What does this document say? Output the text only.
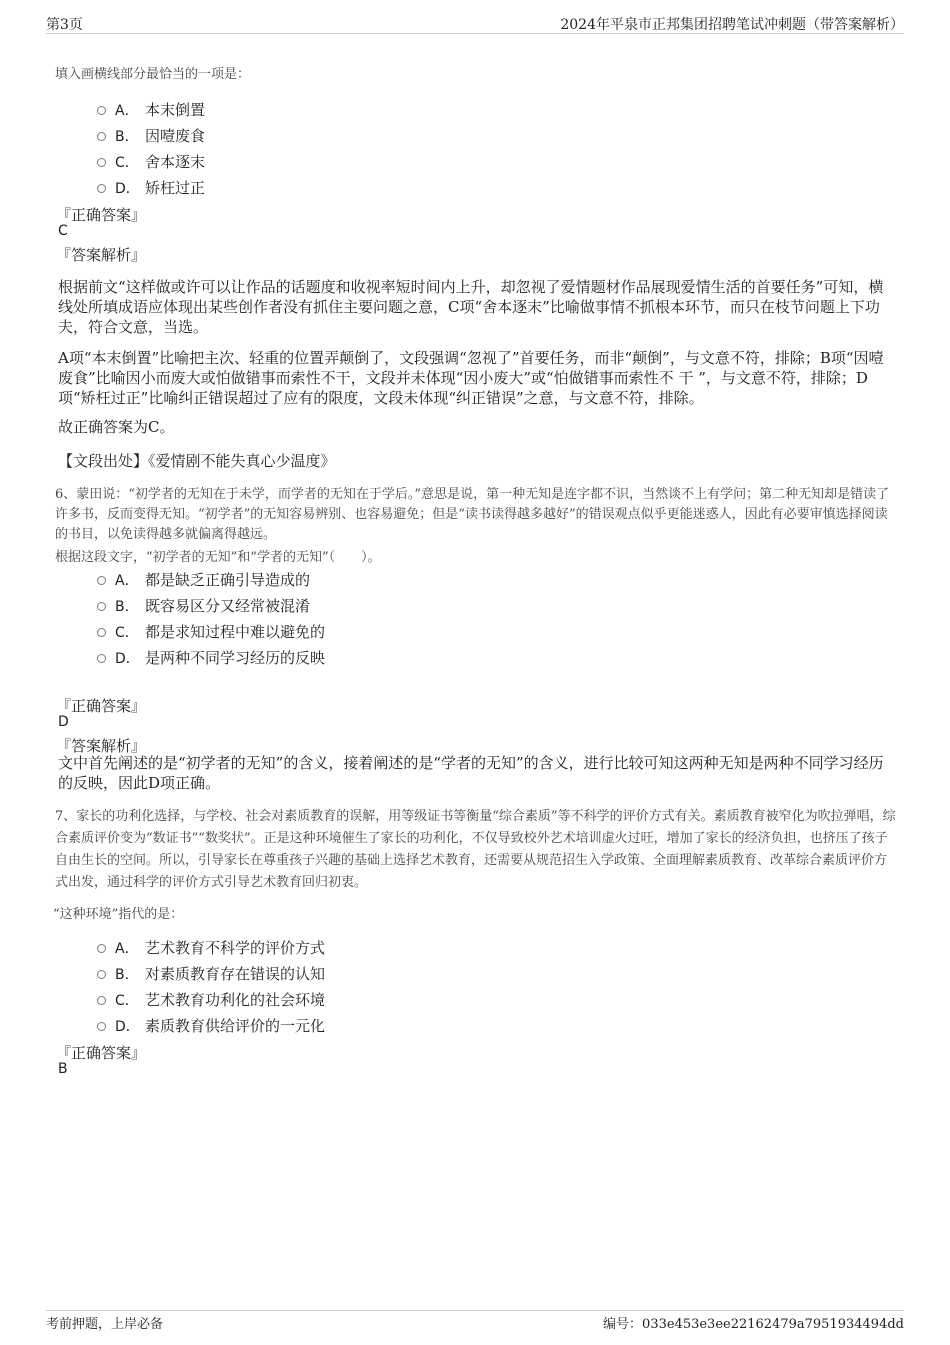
第3页	2024年平泉市正邦集团招聘笔试冲刺题（带答案解析）
填入画横线部分最恰当的一项是：
A． 本末倒置
B． 因噎废食
C． 舍本逐末
D． 矫枉过正
『正确答案』
C
『答案解析』
根据前文“这样做或许可以让作品的话题度和收视率短时间内上升，却忽视了爱情题材作品展现爱情生活的首要任务”可知，横线处所填成语应体现出某些创作者没有抓住主要问题之意，C项“舍本逐末”比喻做事情不抓根本环节，而只在枝节问题上下功夫，符合文意，当选。
A项“本末倒置”比喻把主次、轻重的位置弄颠倒了，文段强调“忽视了”首要任务，而非“颠倒”，与文意不符，排除；B项“因噎废食”比喻因小而废大或怕做错事而索性不干，文段并未体现“因小废大”或“怕做错事而索性不 干 ”，与文意不符，排除；D项“矫枉过正”比喻纠正错误超过了应有的限度，文段未体现“纠正错误”之意，与文意不符，排除。
故正确答案为C。
【文段出处】《爱情剧不能失真心少温度》
6、蒙田说：“初学者的无知在于未学，而学者的无知在于学后。”意思是说，第一种无知是连字都不识，当然谈不上有学问；第二种无知却是错读了许多书，反而变得无知。“初学者”的无知容易辨别、也容易避免；但是“读书读得越多越好”的错误观点似乎更能迷惑人，因此有必要审慎选择阅读的书目，以免读得越多就偏离得越远。
根据这段文字，“初学者的无知”和“学者的无知”（　　）。
A． 都是缺乏正确引导造成的
B． 既容易区分又经常被混淆
C． 都是求知过程中难以避免的
D． 是两种不同学习经历的反映
『正确答案』
D
『答案解析』
文中首先阐述的是“初学者的无知”的含义，接着阐述的是“学者的无知”的含义，进行比较可知这两种无知是两种不同学习经历的反映，因此D项正确。
7、家长的功利化选择，与学校、社会对素质教育的误解，用等级证书等衡量“综合素质”等不科学的评价方式有关。素质教育被窄化为吹拉弹唱，综合素质评价变为“数证书”“数奖状”。正是这种环境催生了家长的功利化，不仅导致校外艺术培训虚火过旺，增加了家长的经济负担，也挤压了孩子自由生长的空间。所以，引导家长在尊重孩子兴趣的基础上选择艺术教育，还需要从规范招生入学政策、全面理解素质教育、改革综合素质评价方式出发，通过科学的评价方式引导艺术教育回归初衷。
“这种环境”指代的是：
A． 艺术教育不科学的评价方式
B． 对素质教育存在错误的认知
C． 艺术教育功利化的社会环境
D． 素质教育供给评价的一元化
『正确答案』
B
考前押题，上岸必备	编号：033e453e3ee22162479a7951934494dd
